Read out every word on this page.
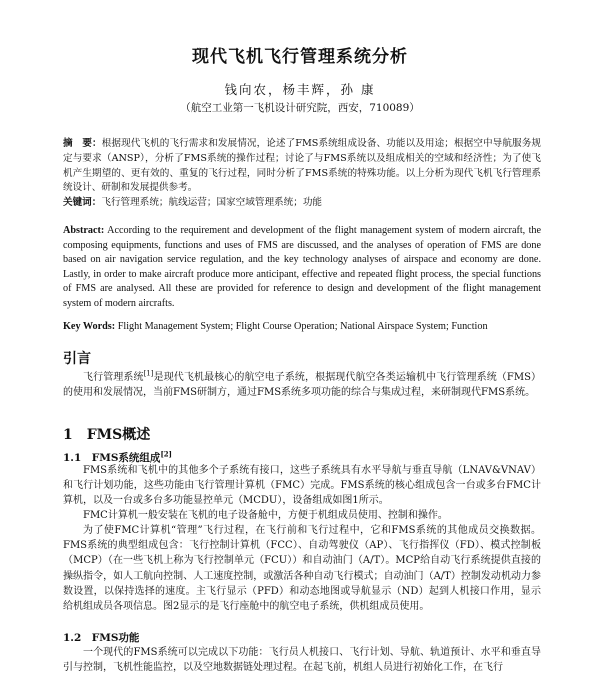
现代飞机飞行管理系统分析
钱向农，杨丰辉，孙 康
（航空工业第一飞机设计研究院，西安，710089）
摘　要：根据现代飞机的飞行需求和发展情况，论述了FMS系统组成设备、功能以及用途；根据空中导航服务规定与要求（ANSP），分析了FMS系统的操作过程；讨论了与FMS系统以及组成相关的空域和经济性；为了使飞机产生期望的、更有效的、重复的飞行过程，同时分析了FMS系统的特殊功能。以上分析为现代飞机飞行管理系统设计、研制和发展提供参考。
关键词：飞行管理系统；航线运营；国家空域管理系统；功能
Abstract: According to the requirement and development of the flight management system of modern aircraft, the composing equipments, functions and uses of FMS are discussed, and the analyses of operation of FMS are done based on air navigation service regulation, and the key technology analyses of airspace and economy are done. Lastly, in order to make aircraft produce more anticipant, effective and repeated flight process, the special functions of FMS are analysed. All these are provided for reference to design and development of the flight management system of modern aircrafts.
Key Words: Flight Management System; Flight Course Operation; National Airspace System; Function
引言
飞行管理系统[1]是现代飞机最核心的航空电子系统，根据现代航空各类运输机中飞行管理系统（FMS）的使用和发展情况，当前FMS研制方，通过FMS系统多项功能的综合与集成过程，来研制现代FMS系统。
1　FMS概述
1.1　FMS系统组成[2]
FMS系统和飞机中的其他多个子系统有接口，这些子系统具有水平导航与垂直导航（LNAV&VNAV）和飞行计划功能，这些功能由飞行管理计算机（FMC）完成。FMS系统的核心组成包含一台或多台FMC计算机，以及一台或多台多功能显控单元（MCDU），设备组成如图1所示。
FMC计算机一般安装在飞机的电子设备舱中，方便于机组成员使用、控制和操作。
为了使FMC计算机“管理”飞行过程，在飞行前和飞行过程中，它和FMS系统的其他成员交换数据。FMS系统的典型组成包含：飞行控制计算机（FCC）、自动驾驶仪（AP）、飞行指挥仪（FD）、模式控制板（MCP）（在一些飞机上称为飞行控制单元（FCU））和自动油门（A/T）。MCP给自动飞行系统提供直接的操纵指令，如人工航向控制、人工速度控制，或激活各种自动飞行模式；自动油门（A/T）控制发动机动力参数设置，以保持选择的速度。主飞行显示（PFD）和动态地图或导航显示（ND）起到人机接口作用，显示给机组成员各项信息。图2显示的是飞行座舱中的航空电子系统，供机组成员使用。
1.2　FMS功能
一个现代的FMS系统可以完成以下功能：飞行员人机接口、飞行计划、导航、轨道预计、水平和垂直导引与控制，飞机性能监控，以及空地数据链处理过程。在起飞前，机组人员进行初始化工作，在飞行
